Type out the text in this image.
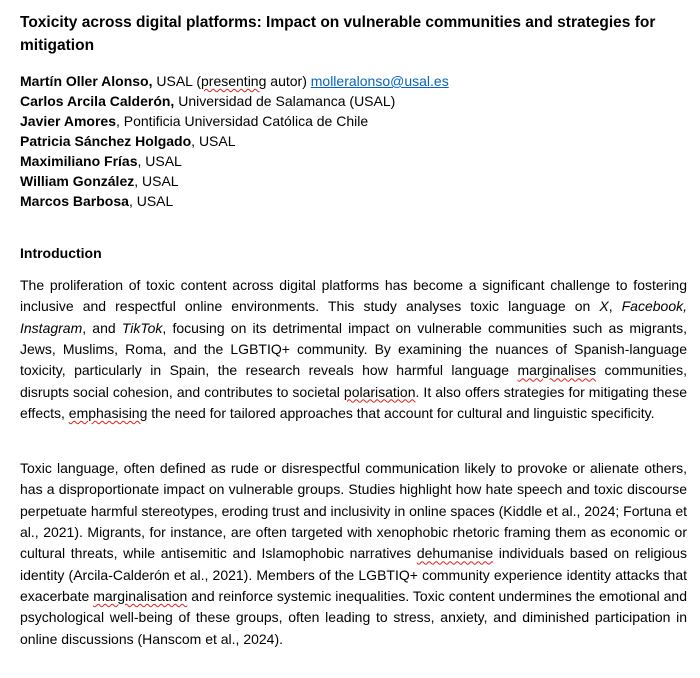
Toxicity across digital platforms: Impact on vulnerable communities and strategies for mitigation
Martín Oller Alonso, USAL (presenting autor) molleralonso@usal.es
Carlos Arcila Calderón, Universidad de Salamanca (USAL)
Javier Amores, Pontificia Universidad Católica de Chile
Patricia Sánchez Holgado, USAL
Maximiliano Frías, USAL
William González, USAL
Marcos Barbosa, USAL
Introduction

The proliferation of toxic content across digital platforms has become a significant challenge to fostering inclusive and respectful online environments. This study analyses toxic language on X, Facebook, Instagram, and TikTok, focusing on its detrimental impact on vulnerable communities such as migrants, Jews, Muslims, Roma, and the LGBTIQ+ community. By examining the nuances of Spanish-language toxicity, particularly in Spain, the research reveals how harmful language marginalises communities, disrupts social cohesion, and contributes to societal polarisation. It also offers strategies for mitigating these effects, emphasising the need for tailored approaches that account for cultural and linguistic specificity.

Toxic language, often defined as rude or disrespectful communication likely to provoke or alienate others, has a disproportionate impact on vulnerable groups. Studies highlight how hate speech and toxic discourse perpetuate harmful stereotypes, eroding trust and inclusivity in online spaces (Kiddle et al., 2024; Fortuna et al., 2021). Migrants, for instance, are often targeted with xenophobic rhetoric framing them as economic or cultural threats, while antisemitic and Islamophobic narratives dehumanise individuals based on religious identity (Arcila-Calderón et al., 2021). Members of the LGBTIQ+ community experience identity attacks that exacerbate marginalisation and reinforce systemic inequalities. Toxic content undermines the emotional and psychological well-being of these groups, often leading to stress, anxiety, and diminished participation in online discussions (Hanscom et al., 2024).
